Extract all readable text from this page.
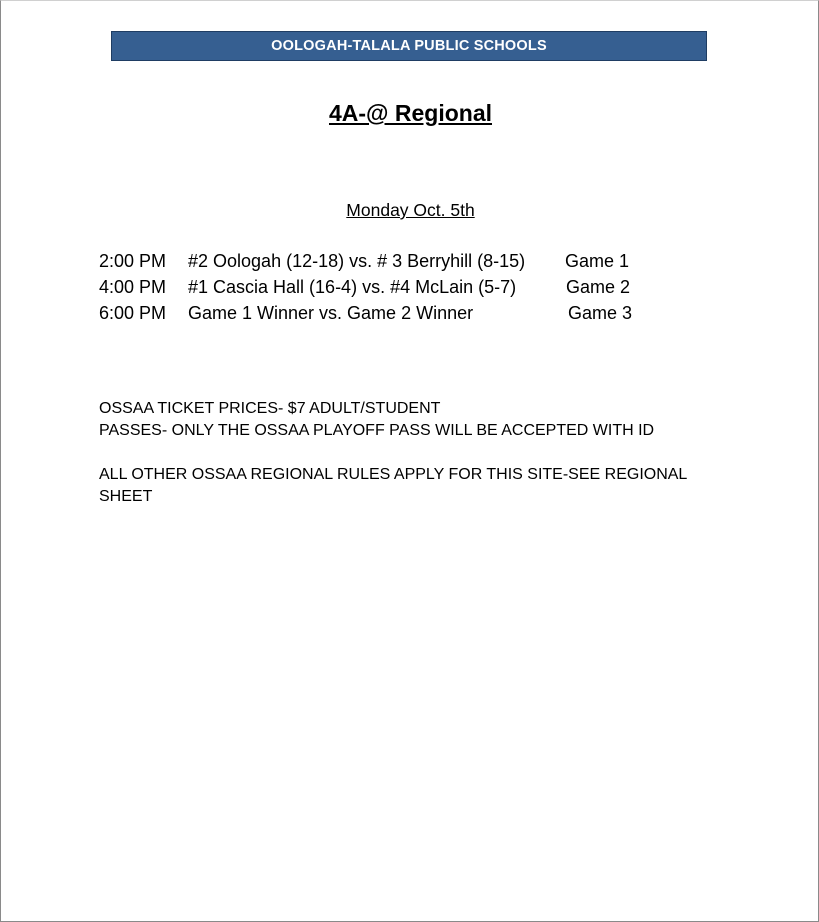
OOLOGAH-TALALA PUBLIC SCHOOLS
4A-@ Regional
Monday Oct. 5th
2:00 PM #2 Oologah (12-18) vs. # 3 Berryhill (8-15) Game 1
4:00 PM #1 Cascia Hall (16-4) vs. #4 McLain (5-7)	Game 2
6:00 PM Game 1 Winner vs. Game 2 Winner	Game 3

OSSAA TICKET PRICES- $7 ADULT/STUDENT

PASSES- ONLY THE OSSAA PLAYOFF PASS WILL BE ACCEPTED WITH ID

ALL OTHER OSSAA REGIONAL RULES APPLY FOR THIS SITE-SEE REGIONAL SHEET
